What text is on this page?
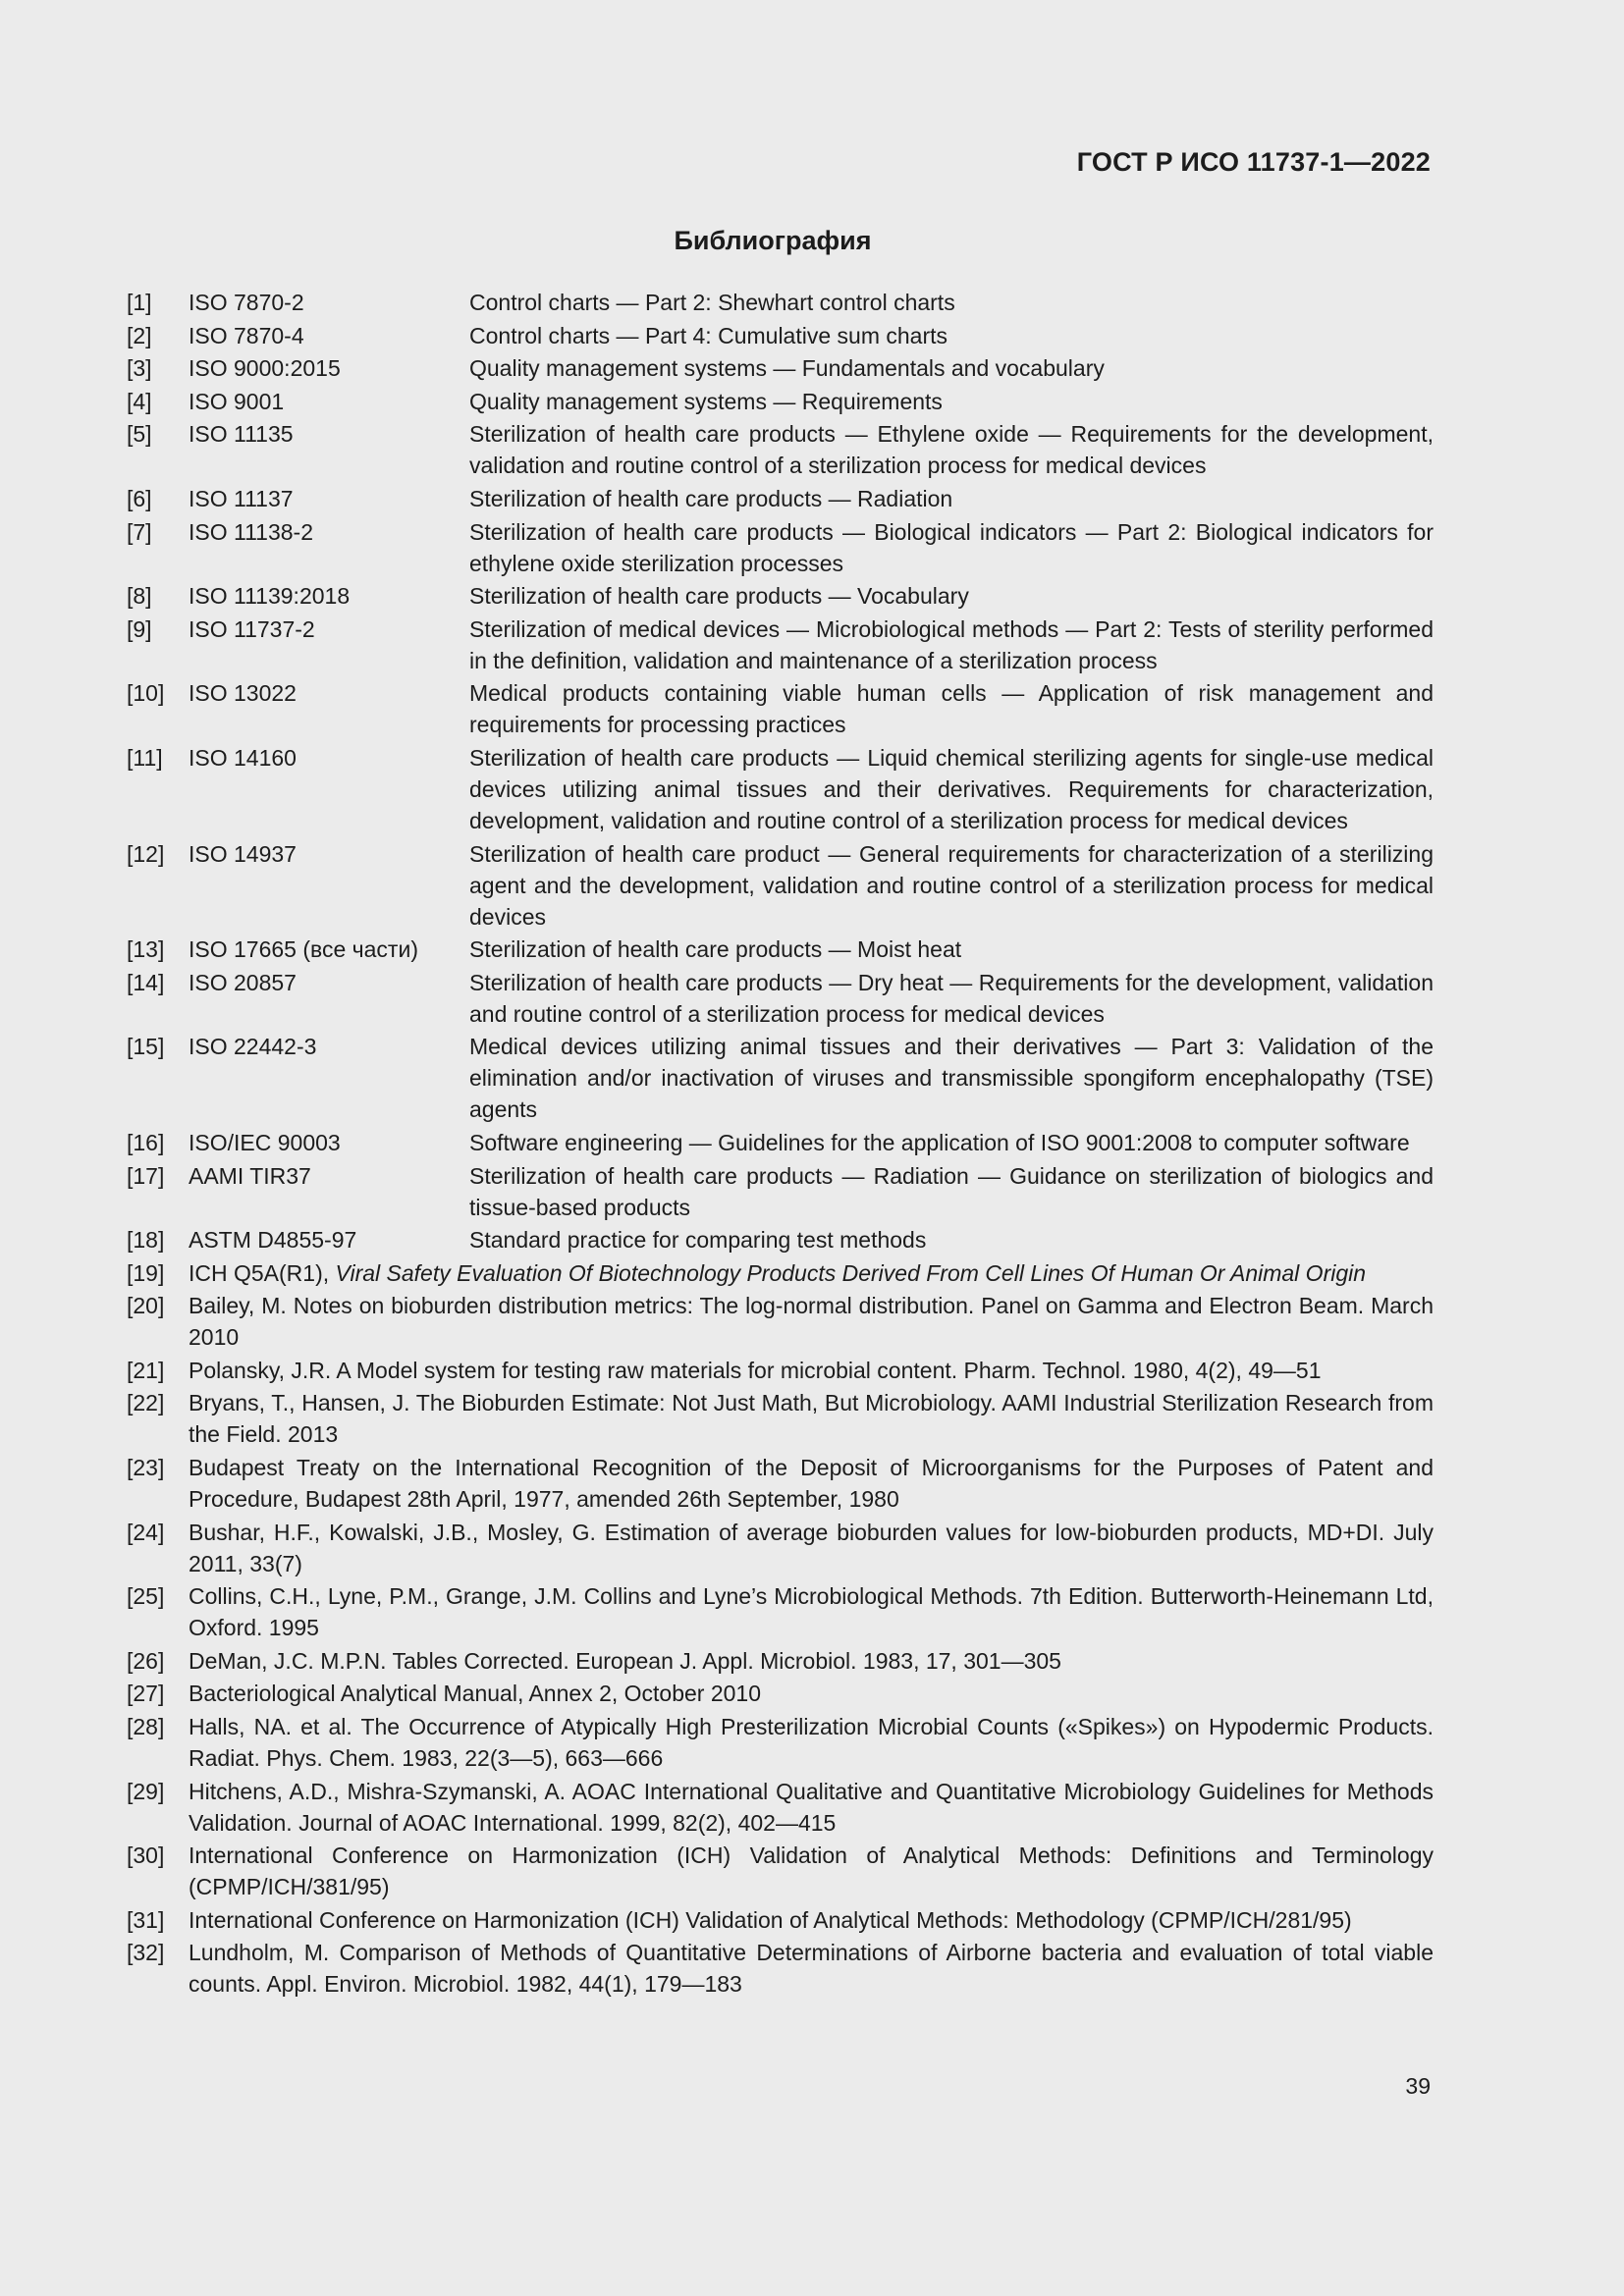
ГОСТ Р ИСО 11737-1—2022
Библиография
[1]	ISO 7870-2	Control charts — Part 2: Shewhart control charts
[2]	ISO 7870-4	Control charts — Part 4: Cumulative sum charts
[3]	ISO 9000:2015	Quality management systems — Fundamentals and vocabulary
[4]	ISO 9001	Quality management systems — Requirements
[5]	ISO 11135	Sterilization of health care products — Ethylene oxide — Requirements for the development, validation and routine control of a sterilization process for medical devices
[6]	ISO 11137	Sterilization of health care products — Radiation
[7]	ISO 11138-2	Sterilization of health care products — Biological indicators — Part 2: Biological indicators for ethylene oxide sterilization processes
[8]	ISO 11139:2018	Sterilization of health care products — Vocabulary
[9]	ISO 11737-2	Sterilization of medical devices — Microbiological methods — Part 2: Tests of sterility performed in the definition, validation and maintenance of a sterilization process
[10]	ISO 13022	Medical products containing viable human cells — Application of risk management and requirements for processing practices
[11]	ISO 14160	Sterilization of health care products — Liquid chemical sterilizing agents for single-use medical devices utilizing animal tissues and their derivatives. Requirements for characterization, development, validation and routine control of a sterilization process for medical devices
[12]	ISO 14937	Sterilization of health care product — General requirements for characterization of a sterilizing agent and the development, validation and routine control of a sterilization process for medical devices
[13]	ISO 17665 (все части)	Sterilization of health care products — Moist heat
[14]	ISO 20857	Sterilization of health care products — Dry heat — Requirements for the development, validation and routine control of a sterilization process for medical devices
[15]	ISO 22442-3	Medical devices utilizing animal tissues and their derivatives — Part 3: Validation of the elimination and/or inactivation of viruses and transmissible spongiform encephalopathy (TSE) agents
[16]	ISO/IEC 90003	Software engineering — Guidelines for the application of ISO 9001:2008 to computer software
[17]	AAMI TIR37	Sterilization of health care products — Radiation — Guidance on sterilization of biologics and tissue-based products
[18]	ASTM D4855-97	Standard practice for comparing test methods
[19]	ICH Q5A(R1), Viral Safety Evaluation Of Biotechnology Products Derived From Cell Lines Of Human Or Animal Origin
[20]	Bailey, M. Notes on bioburden distribution metrics: The log-normal distribution. Panel on Gamma and Electron Beam. March 2010
[21]	Polansky, J.R. A Model system for testing raw materials for microbial content. Pharm. Technol. 1980, 4(2), 49—51
[22]	Bryans, T., Hansen, J. The Bioburden Estimate: Not Just Math, But Microbiology. AAMI Industrial Sterilization Research from the Field. 2013
[23]	Budapest Treaty on the International Recognition of the Deposit of Microorganisms for the Purposes of Patent and Procedure, Budapest 28th April, 1977, amended 26th September, 1980
[24]	Bushar, H.F., Kowalski, J.B., Mosley, G. Estimation of average bioburden values for low-bioburden products, MD+DI. July 2011, 33(7)
[25]	Collins, C.H., Lyne, P.M., Grange, J.M. Collins and Lyne’s Microbiological Methods. 7th Edition. Butterworth-Heinemann Ltd, Oxford. 1995
[26]	DeMan, J.C. M.P.N. Tables Corrected. European J. Appl. Microbiol. 1983, 17, 301—305
[27]	Bacteriological Analytical Manual, Annex 2, October 2010
[28]	Halls, NA. et al. The Occurrence of Atypically High Presterilization Microbial Counts («Spikes») on Hypodermic Products. Radiat. Phys. Chem. 1983, 22(3—5), 663—666
[29]	Hitchens, A.D., Mishra-Szymanski, A. AOAC International Qualitative and Quantitative Microbiology Guidelines for Methods Validation. Journal of AOAC International. 1999, 82(2), 402—415
[30]	International Conference on Harmonization (ICH) Validation of Analytical Methods: Definitions and Terminology (CPMP/ICH/381/95)
[31]	International Conference on Harmonization (ICH) Validation of Analytical Methods: Methodology (CPMP/ICH/281/95)
[32]	Lundholm, M. Comparison of Methods of Quantitative Determinations of Airborne bacteria and evaluation of total viable counts. Appl. Environ. Microbiol. 1982, 44(1), 179—183
39
